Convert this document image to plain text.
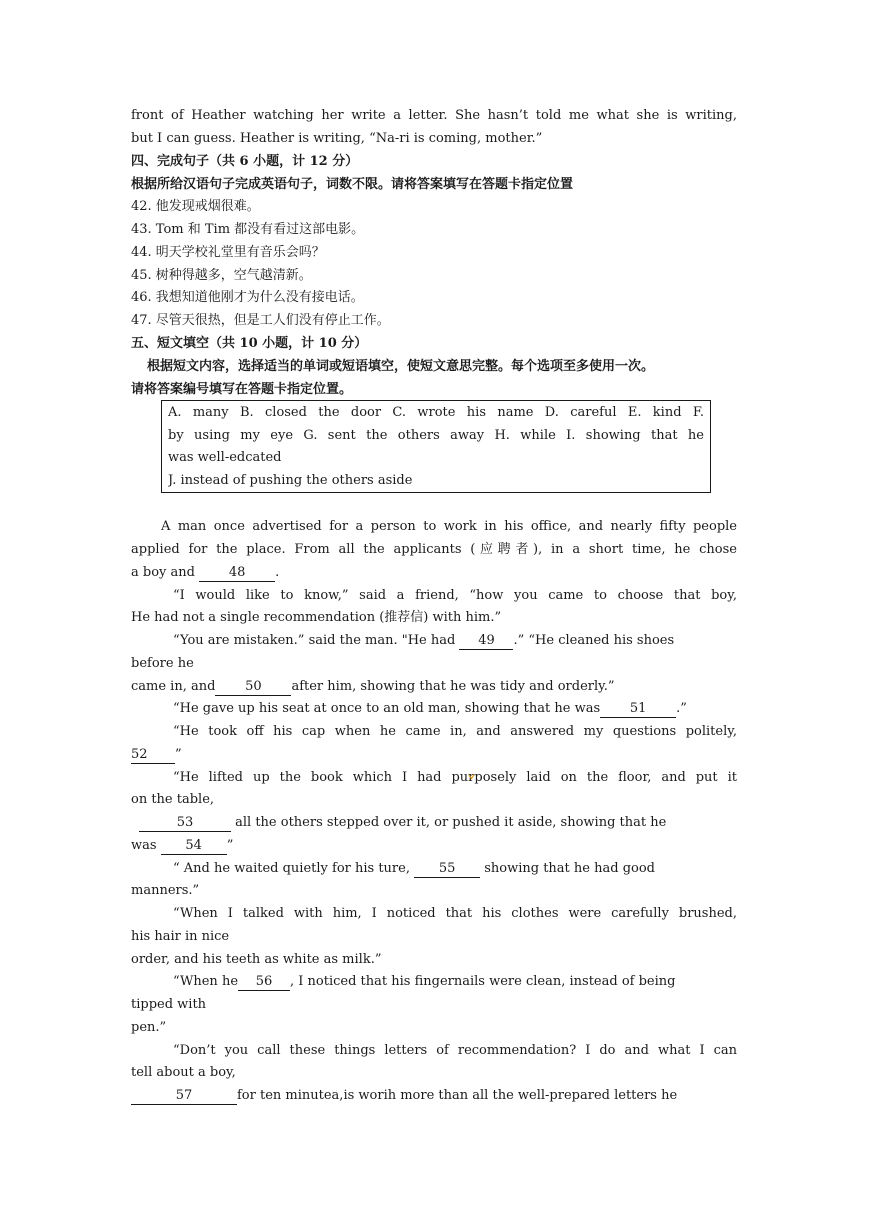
front of Heather watching her write a letter. She hasn’t told me what she is writing,
but I can guess. Heather is writing, “Na-ri is coming, mother.”
四、完成句子（共 6 小题，计 12 分）
根据所给汉语句子完成英语句子，词数不限。请将答案填写在答题卡指定位置
42. 他发现戒烟很难。
43. Tom 和 Tim 都没有看过这部电影。
44. 明天学校礼堂里有音乐会吗？
45. 树种得越多，空气越清新。
46. 我想知道他刚才为什么没有接电话。
47. 尽管天很热，但是工人们没有停止工作。
五、短文填空（共 10 小题，计 10 分）
根据短文内容，选择适当的单词或短语填空，使短文意思完整。每个选项至多使用一次。
请将答案编号填写在答题卡指定位置。
A. many B. closed the door C. wrote his name D. careful E. kind F.
by using my eye G. sent the others away H. while I. showing that he
was well-edcated
J. instead of pushing the others aside
A man once advertised for a person to work in his office, and nearly fifty people
applied for the place. From all the applicants (应聘者), in a short time, he chose
a boy and 48 .
“I would like to know,” said a friend, “how you came to choose that boy,
He had not a single recommendation (推荐信) with him.”
“You are mistaken.” said the man. "He had 49 .” “He cleaned his shoes
before he
came in, and 50 after him, showing that he was tidy and orderly.”
“He gave up his seat at once to an old man, showing that he was 51 .”
“He took off his cap when he came in, and answered my questions politely,
52 ”
“He lifted up the book which I had purposely laid on the floor, and put it
on the table,
53	all the others stepped over it, or pushed it aside, showing that he
was 54 ”
“ And he waited quietly for his ture, 55 showing that he had good
manners.”
“When I talked with him, I noticed that his clothes were carefully brushed,
his hair in nice
order, and his teeth as white as milk.”
“When he 56 , I noticed that his fingernails were clean, instead of being
tipped with
pen.”
“Don’t you call these things letters of recommendation? I do and what I can
tell about a boy,
57	for ten minutea,is worih more than all the well-prepared letters he
